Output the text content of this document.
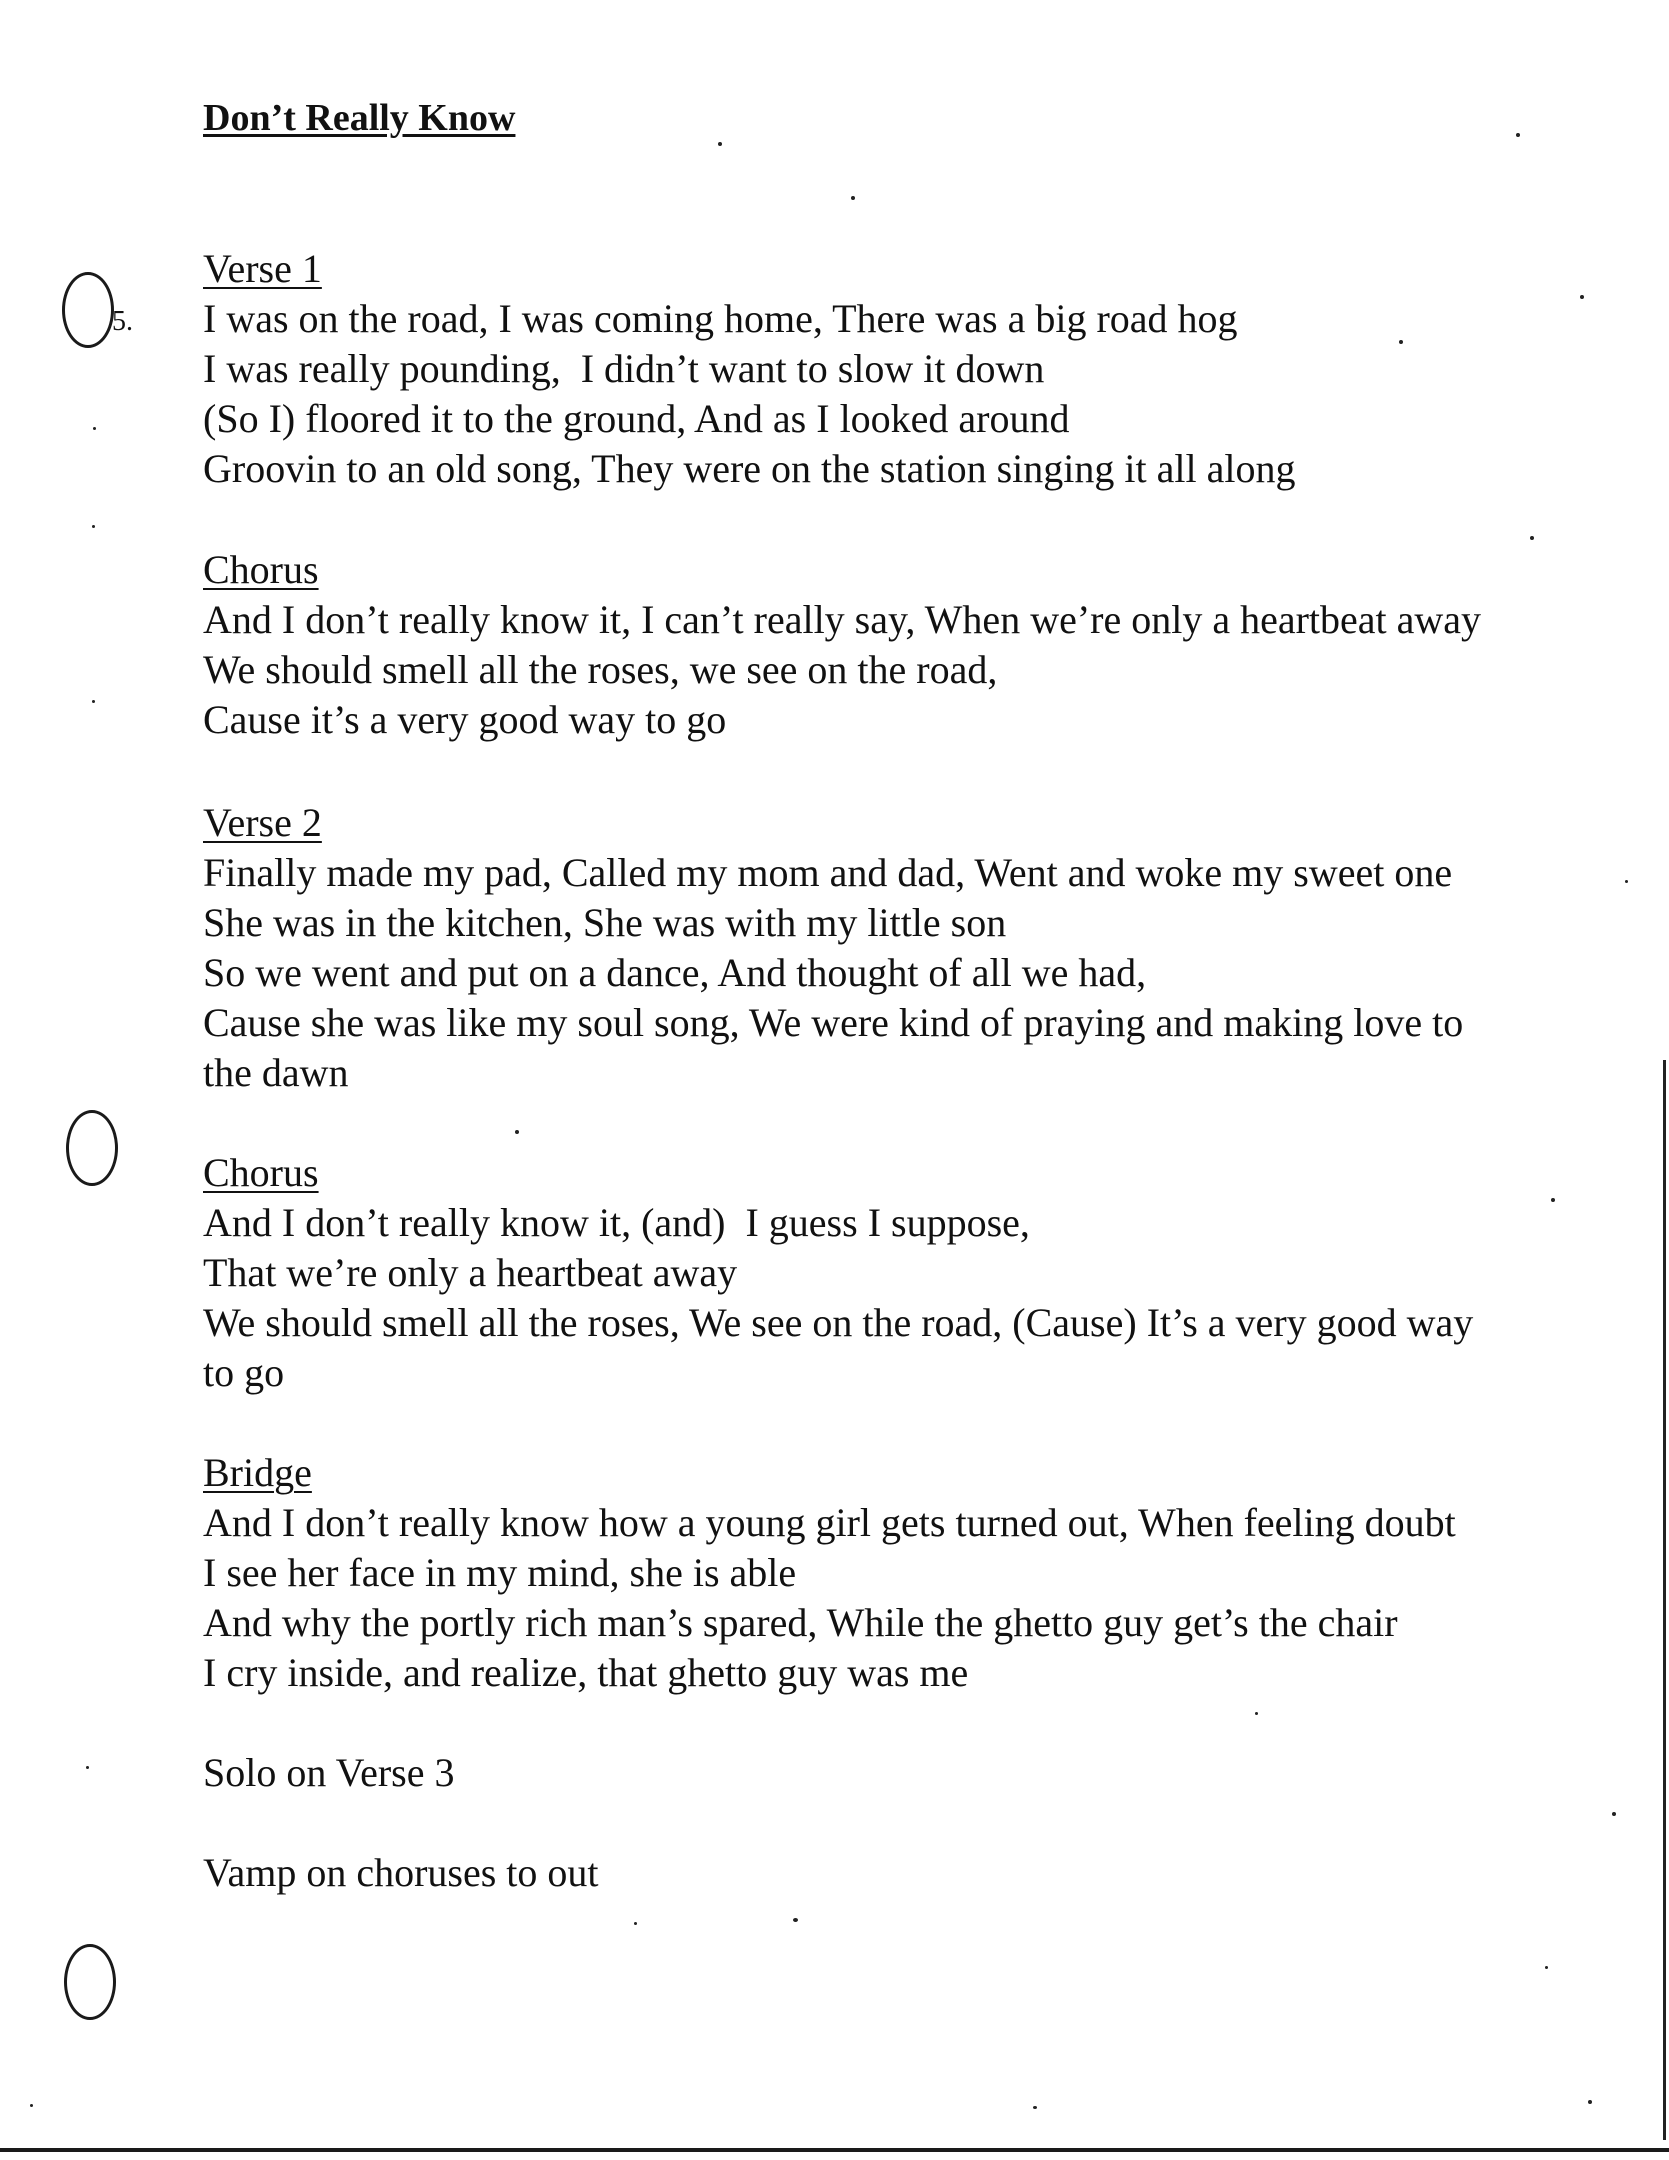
5.
Don’t Really Know
Verse 1
I was on the road, I was coming home, There was a big road hog
I was really pounding,  I didn’t want to slow it down
(So I) floored it to the ground, And as I looked around
Groovin to an old song, They were on the station singing it all along
Chorus
And I don’t really know it, I can’t really say, When we’re only a heartbeat away
We should smell all the roses, we see on the road,
Cause it’s a very good way to go
Verse 2
Finally made my pad, Called my mom and dad, Went and woke my sweet one
She was in the kitchen, She was with my little son
So we went and put on a dance, And thought of all we had,
Cause she was like my soul song, We were kind of praying and making love to
the dawn
Chorus
And I don’t really know it, (and)  I guess I suppose,
That we’re only a heartbeat away
We should smell all the roses, We see on the road, (Cause) It’s a very good way
to go
Bridge
And I don’t really know how a young girl gets turned out, When feeling doubt
I see her face in my mind, she is able
And why the portly rich man’s spared, While the ghetto guy get’s the chair
I cry inside, and realize, that ghetto guy was me
Solo on Verse 3
Vamp on choruses to out
